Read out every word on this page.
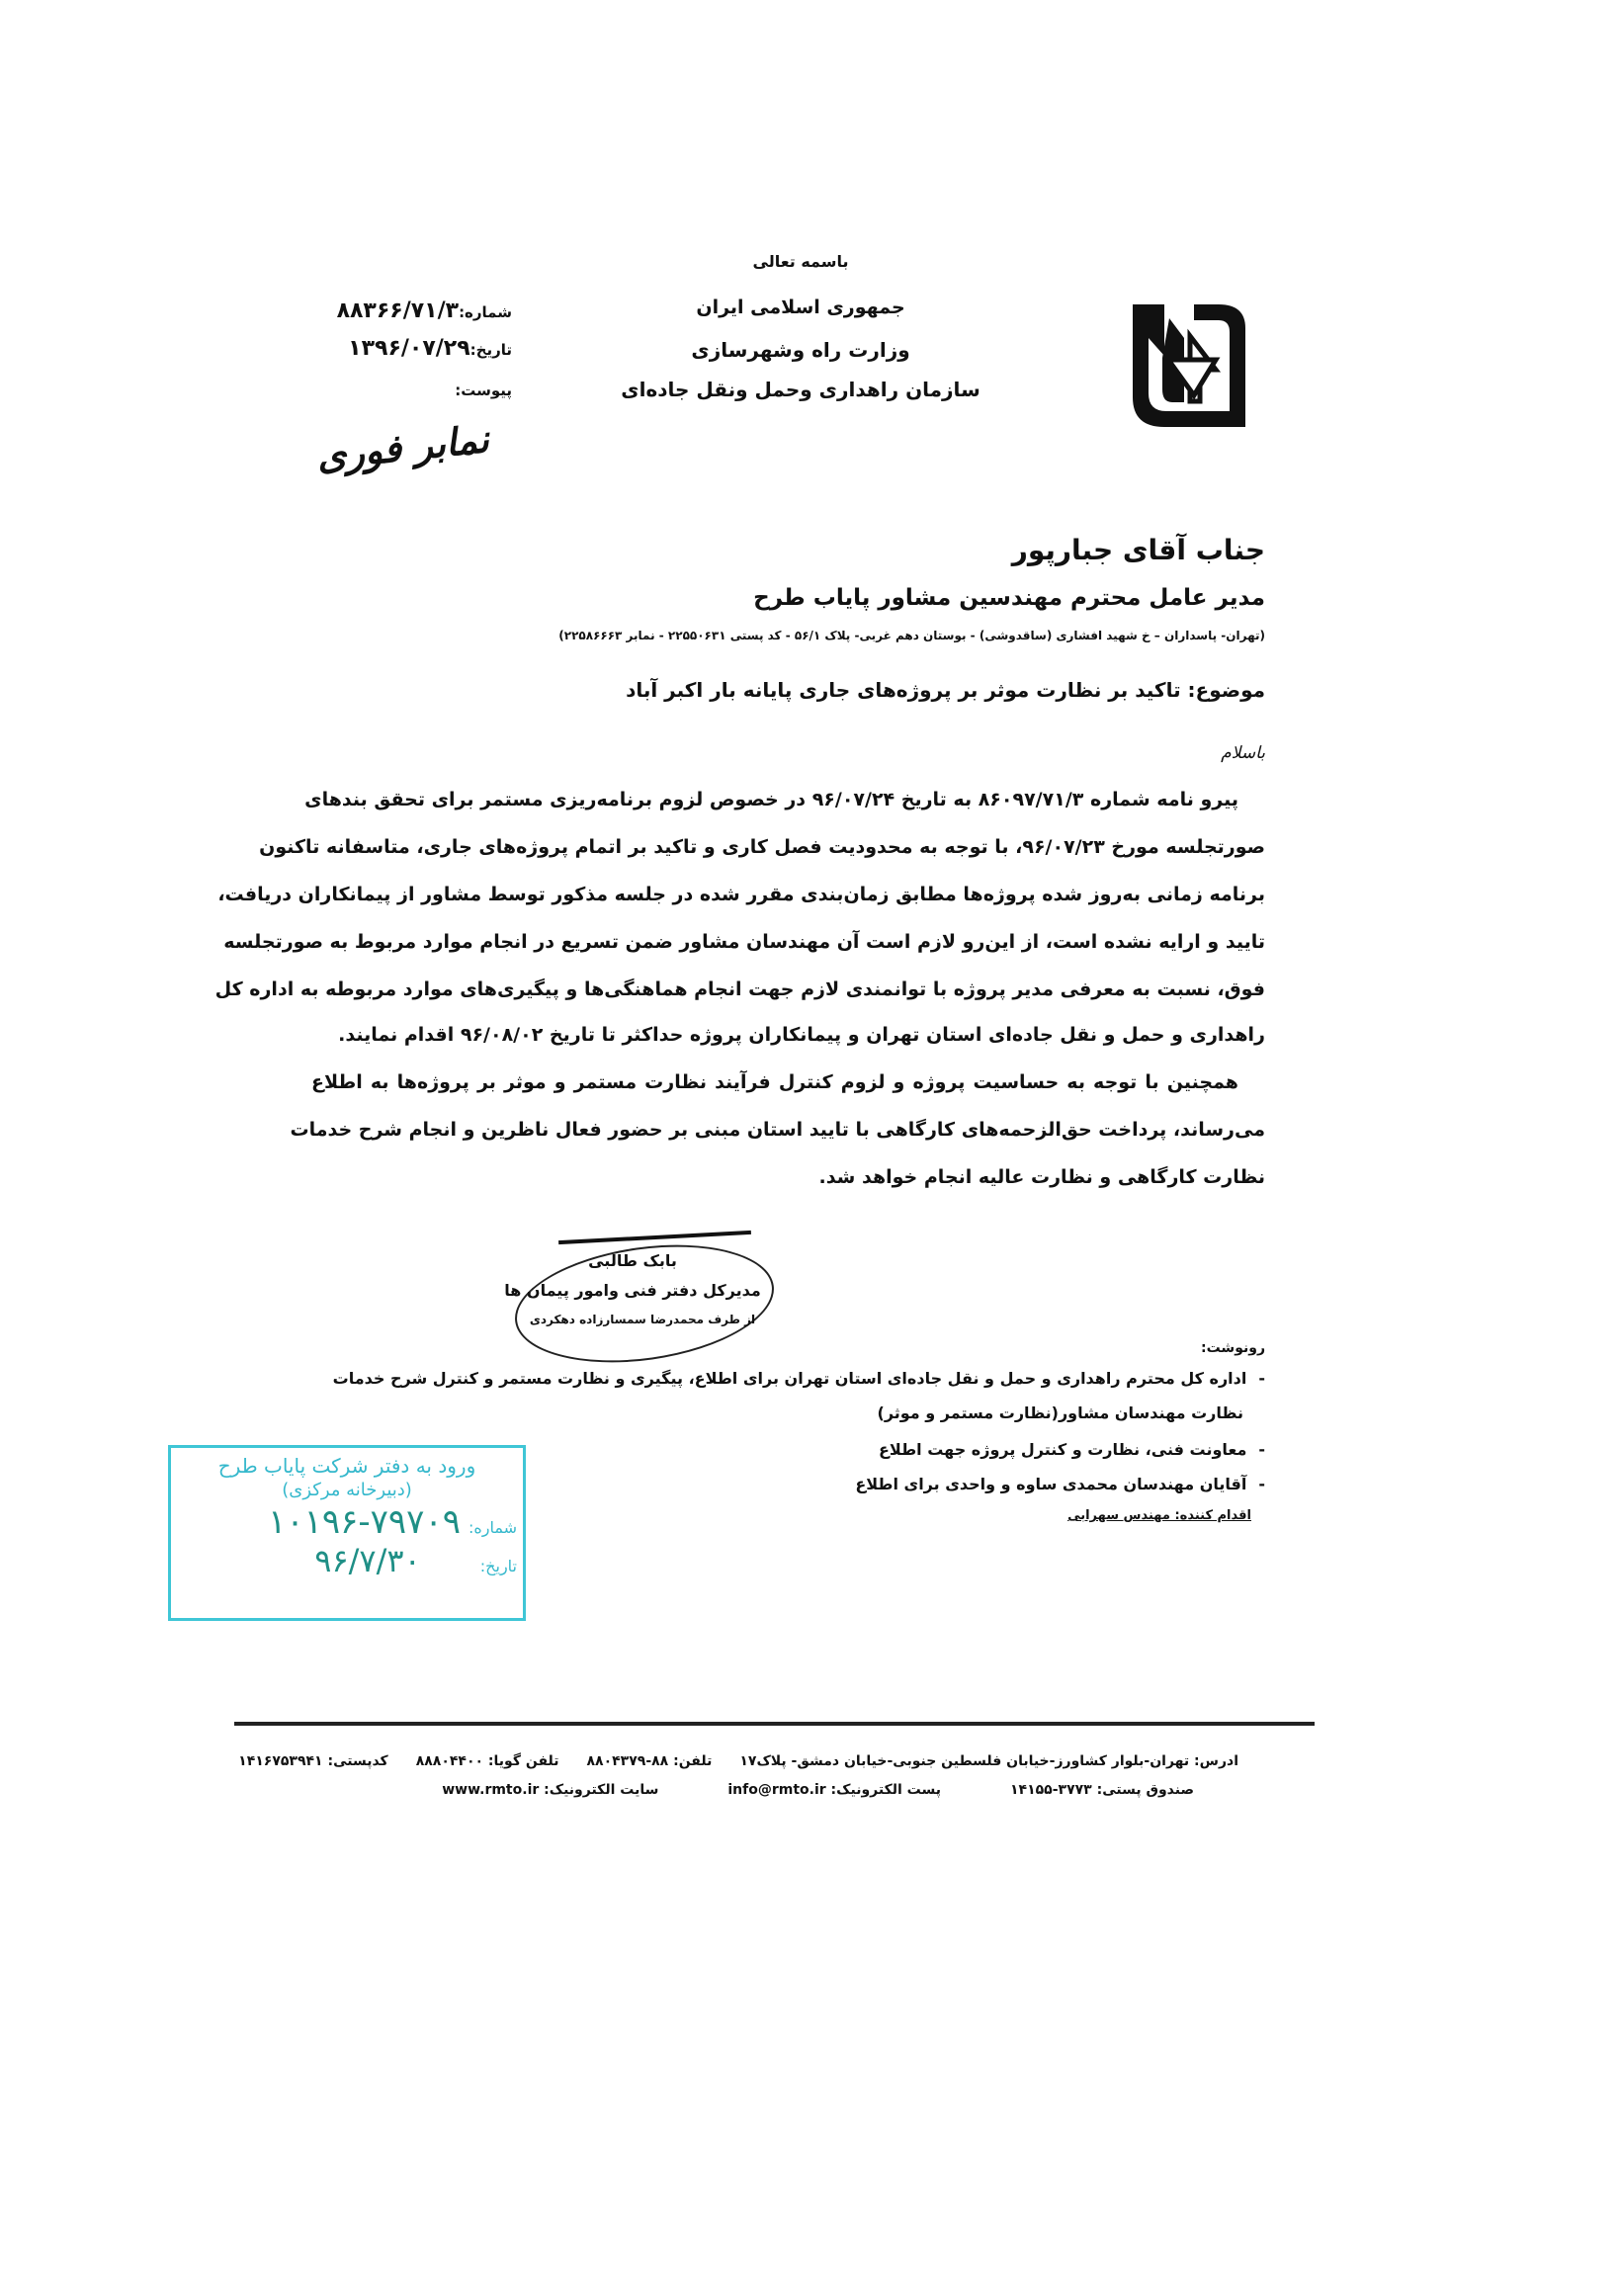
باسمه تعالی
جمهوری اسلامی ایران
وزارت راه وشهرسازی
سازمان راهداری وحمل ونقل جاده‌ای
شماره:۸۸۳۶۶/۷۱/۳
تاریخ:۱۳۹۶/۰۷/۲۹
پیوست:
نمابر فوری
جناب آقای جبارپور
مدیر عامل محترم مهندسین مشاور پایاب طرح
(تهران- پاسداران – خ شهید افشاری (ساقدوشی) - بوستان دهم غربی- پلاک ۵۶/۱ - کد پستی ۲۲۵۵۰۶۳۱ - نمابر ۲۲۵۸۶۶۶۳)
موضوع: تاکید بر نظارت موثر بر پروژه‌های جاری پایانه بار اکبر آباد
باسلام
پیرو نامه شماره ۸۶۰۹۷/۷۱/۳ به تاریخ ۹۶/۰۷/۲۴ در خصوص لزوم برنامه‌ریزی مستمر برای تحقق بندهای
صورتجلسه مورخ ۹۶/۰۷/۲۳، با توجه به محدودیت فصل کاری و تاکید بر اتمام پروژه‌های جاری، متاسفانه تاکنون
برنامه زمانی به‌روز شده پروژه‌ها مطابق زمان‌بندی مقرر شده در جلسه مذکور توسط مشاور از پیمانکاران دریافت،
تایید و ارایه نشده است، از این‌رو لازم است آن مهندسان مشاور ضمن تسریع در انجام موارد مربوط به صورتجلسه
فوق، نسبت به معرفی مدیر پروژه با توانمندی لازم جهت انجام هماهنگی‌ها و پیگیری‌های موارد مربوطه به اداره کل
راهداری و حمل و نقل جاده‌ای استان تهران و پیمانکاران پروژه حداکثر تا تاریخ ۹۶/۰۸/۰۲ اقدام نمایند.
همچنین با توجه به حساسیت پروژه و لزوم کنترل فرآیند نظارت مستمر و موثر بر پروژه‌ها به اطلاع
می‌رساند، پرداخت حق‌الزحمه‌های کارگاهی با تایید استان مبنی بر حضور فعال ناظرین و انجام شرح خدمات
نظارت کارگاهی و نظارت عالیه انجام خواهد شد.
بابک طالبی
مدیرکل دفتر فنی وامور پیمان ها
از طرف محمدرضا سمسارزاده دهکردی
رونوشت:
-اداره کل محترم راهداری و حمل و نقل جاده‌ای استان تهران برای اطلاع، پیگیری و نظارت مستمر و کنترل شرح خدمات
نظارت مهندسان مشاور(نظارت مستمر و موثر)
-معاونت فنی، نظارت و کنترل پروژه جهت اطلاع
-آقایان مهندسان محمدی ساوه و واحدی برای اطلاع
اقدام کننده: مهندس سهرابی
ورود به دفتر شرکت پایاب طرح
(دبیرخانه مرکزی)
شماره:
۱۰۱۹۶-۷۹۷۰۹
تاریخ:
۹۶/۷/۳۰
ادرس: تهران-بلوار کشاورز-خیابان فلسطین جنوبی-خیابان دمشق- پلاک۱۷
تلفن: ۸۸-۸۸۰۴۳۷۹
تلفن گویا: ۸۸۸۰۴۴۰۰
کدپستی: ۱۴۱۶۷۵۳۹۴۱
صندوق پستی: ۳۷۷۳-۱۴۱۵۵
پست الکترونیک: info@rmto.ir
سایت الکترونیک: www.rmto.ir
